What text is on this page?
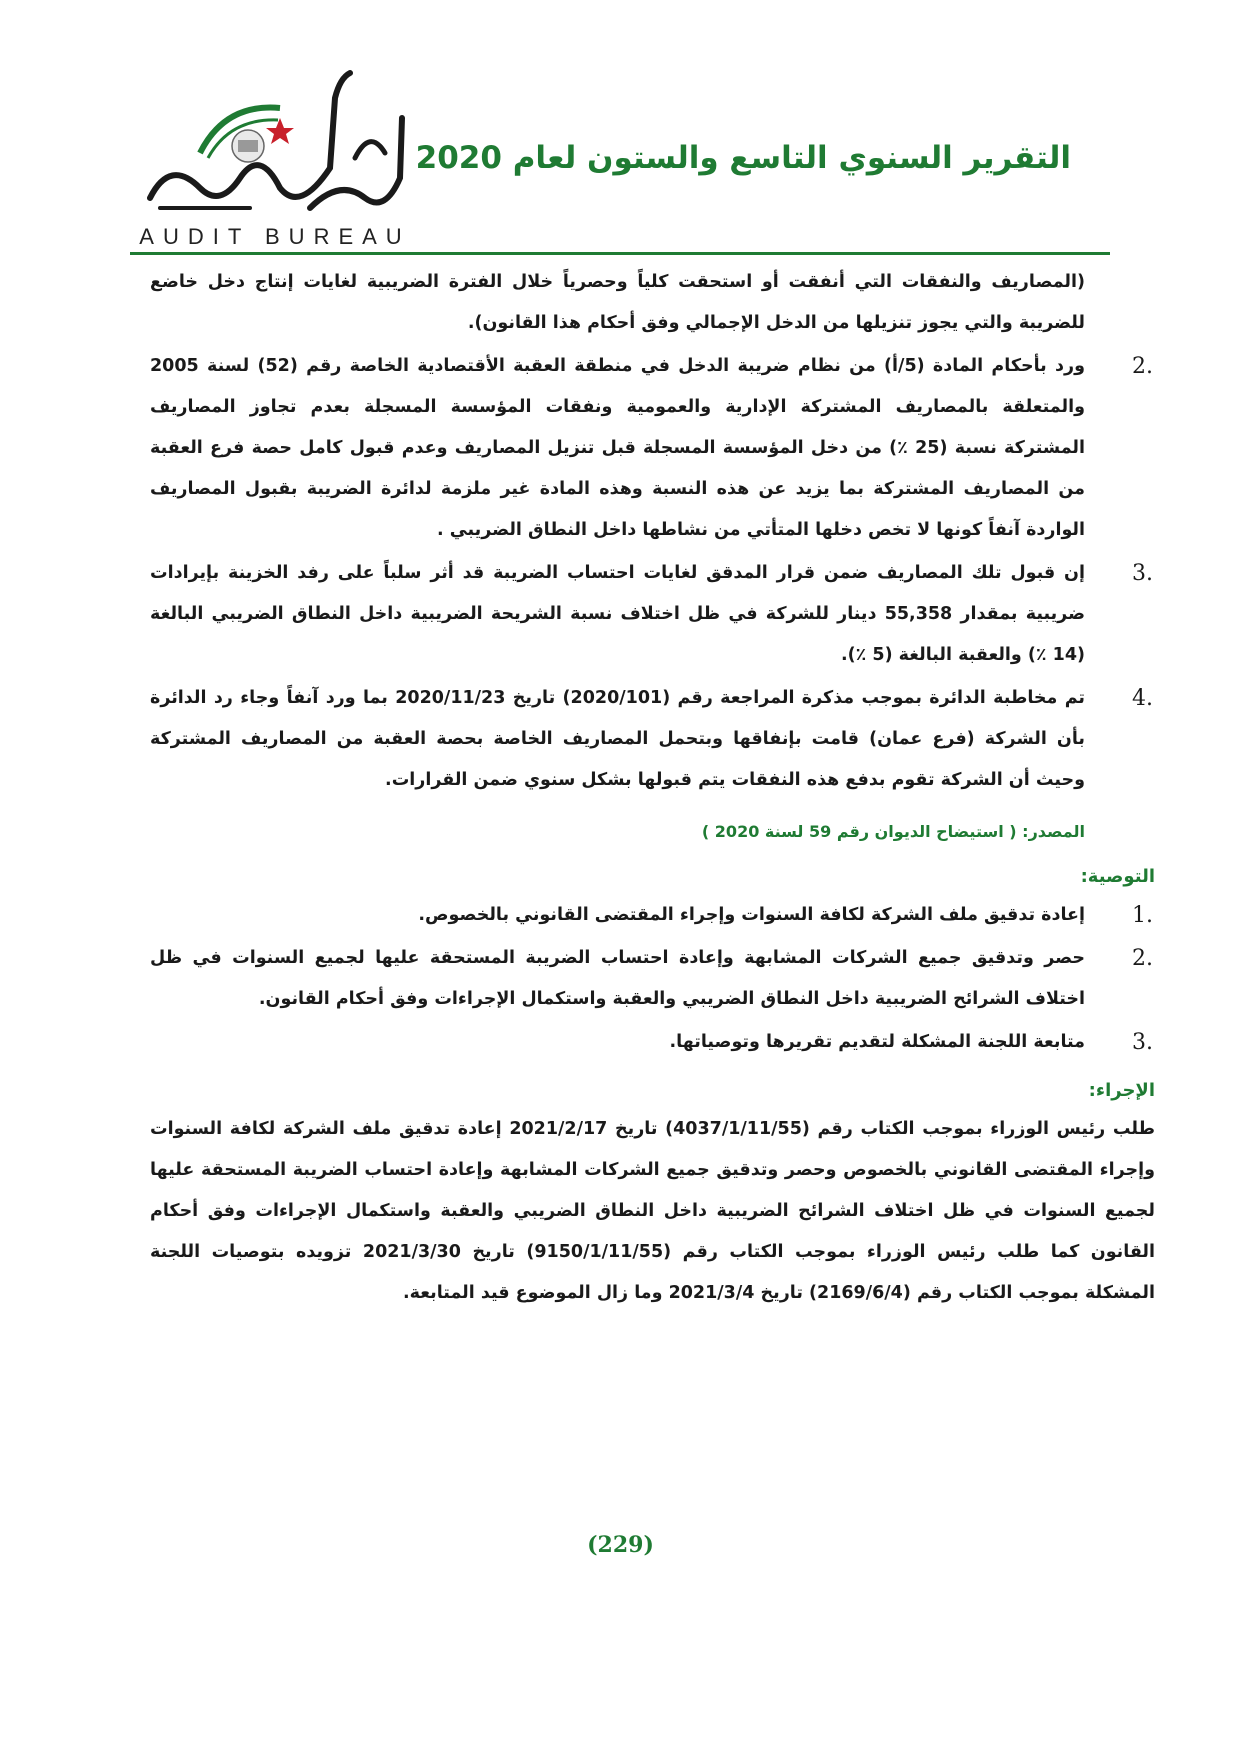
AUDIT BUREAU
التقرير السنوي التاسع والستون لعام 2020

(المصاريف والنفقات التي أنفقت أو استحقت كلياً وحصرياً خلال الفترة الضريبية لغايات إنتاج دخل خاضع للضريبة والتي يجوز تنزيلها من الدخل الإجمالي وفق أحكام هذا القانون).

2.

ورد بأحكام المادة (5/أ) من نظام ضريبة الدخل في منطقة العقبة الأقتصادية الخاصة رقم (52) لسنة 2005 والمتعلقة بالمصاريف المشتركة الإدارية والعمومية ونفقات المؤسسة المسجلة بعدم تجاوز المصاريف المشتركة نسبة (25 ٪) من دخل المؤسسة المسجلة قبل تنزيل المصاريف وعدم قبول كامل حصة فرع العقبة من المصاريف المشتركة بما يزيد عن هذه النسبة وهذه المادة غير ملزمة لدائرة الضريبة بقبول المصاريف الواردة آنفاً كونها لا تخص دخلها المتأتي من نشاطها داخل النطاق الضريبي .

3.

إن قبول تلك المصاريف ضمن قرار المدقق لغايات احتساب الضريبة قد أثر سلباً على رفد الخزينة بإيرادات ضريبية بمقدار 55,358 دينار للشركة في ظل اختلاف نسبة الشريحة الضريبية داخل النطاق الضريبي البالغة (14 ٪) والعقبة البالغة (5 ٪).

4.

تم مخاطبة الدائرة بموجب مذكرة المراجعة رقم (2020/101) تاريخ 2020/11/23 بما ورد آنفاً وجاء رد الدائرة بأن الشركة (فرع عمان) قامت بإنفاقها وبتحمل المصاريف الخاصة بحصة العقبة من المصاريف المشتركة وحيث أن الشركة تقوم بدفع هذه النفقات يتم قبولها بشكل سنوي ضمن القرارات.

المصدر: ( استيضاح الديوان رقم 59 لسنة 2020 )
التوصية:
1.

إعادة تدقيق ملف الشركة لكافة السنوات وإجراء المقتضى القانوني بالخصوص.

2.

حصر وتدقيق جميع الشركات المشابهة وإعادة احتساب الضريبة المستحقة عليها لجميع السنوات في ظل اختلاف الشرائح الضريبية داخل النطاق الضريبي والعقبة واستكمال الإجراءات وفق أحكام القانون.

3.

متابعة اللجنة المشكلة لتقديم تقريرها وتوصياتها.

الإجراء:

طلب رئيس الوزراء بموجب الكتاب رقم (4037/1/11/55) تاريخ 2021/2/17 إعادة تدقيق ملف الشركة لكافة السنوات وإجراء المقتضى القانوني بالخصوص وحصر وتدقيق جميع الشركات المشابهة وإعادة احتساب الضريبة المستحقة عليها لجميع السنوات في ظل اختلاف الشرائح الضريبية داخل النطاق الضريبي والعقبة واستكمال الإجراءات وفق أحكام القانون كما طلب رئيس الوزراء بموجب الكتاب رقم (9150/1/11/55) تاريخ 2021/3/30 تزويده بتوصيات اللجنة المشكلة بموجب الكتاب رقم (2169/6/4) تاريخ 2021/3/4 وما زال الموضوع قيد المتابعة.

(229)
